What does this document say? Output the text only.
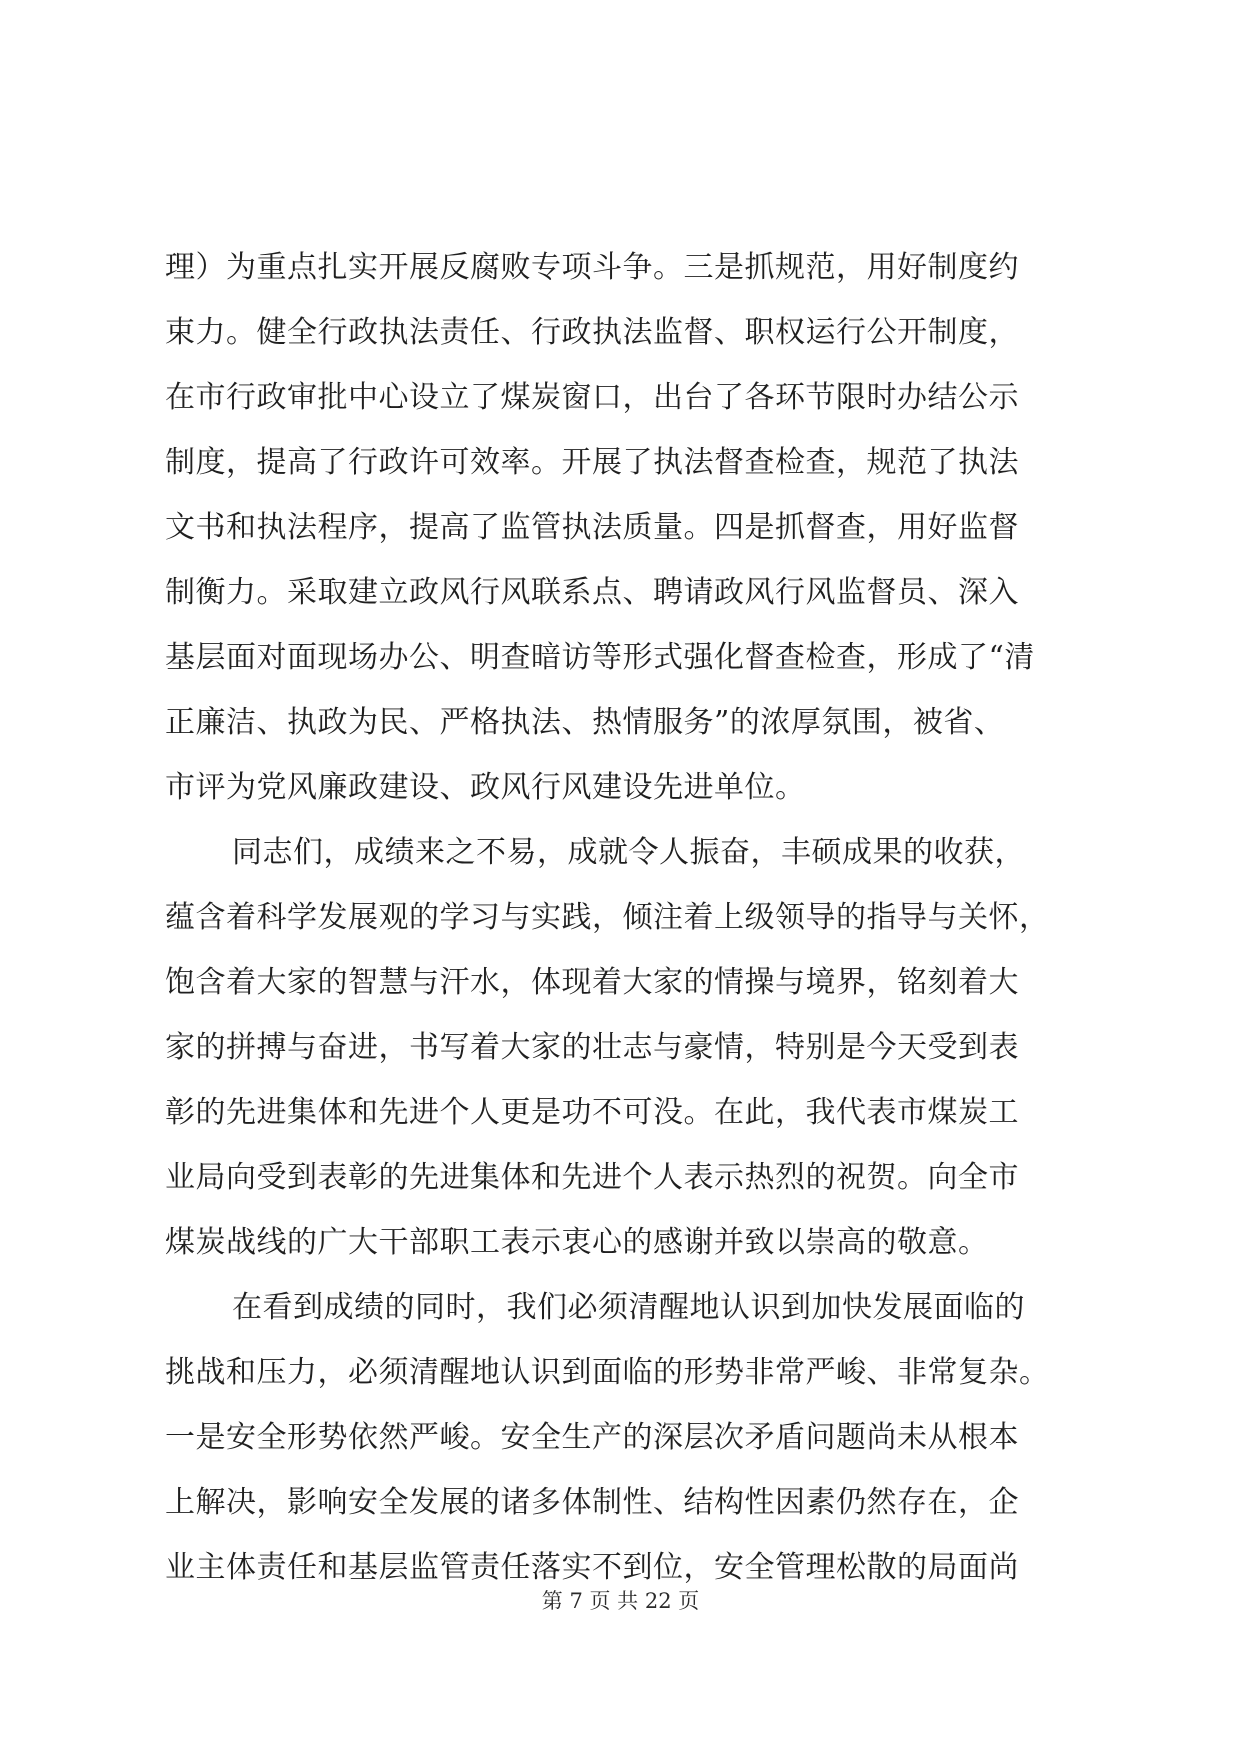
理）为重点扎实开展反腐败专项斗争。三是抓规范，用好制度约
束力。健全行政执法责任、行政执法监督、职权运行公开制度，
在市行政审批中心设立了煤炭窗口，出台了各环节限时办结公示
制度，提高了行政许可效率。开展了执法督查检查，规范了执法
文书和执法程序，提高了监管执法质量。四是抓督查，用好监督
制衡力。采取建立政风行风联系点、聘请政风行风监督员、深入
基层面对面现场办公、明查暗访等形式强化督查检查，形成了“清
正廉洁、执政为民、严格执法、热情服务”的浓厚氛围，被省、
市评为党风廉政建设、政风行风建设先进单位。
同志们，成绩来之不易，成就令人振奋，丰硕成果的收获，
蕴含着科学发展观的学习与实践，倾注着上级领导的指导与关怀，
饱含着大家的智慧与汗水，体现着大家的情操与境界，铭刻着大
家的拼搏与奋进，书写着大家的壮志与豪情，特别是今天受到表
彰的先进集体和先进个人更是功不可没。在此，我代表市煤炭工
业局向受到表彰的先进集体和先进个人表示热烈的祝贺。向全市
煤炭战线的广大干部职工表示衷心的感谢并致以崇高的敬意。
在看到成绩的同时，我们必须清醒地认识到加快发展面临的
挑战和压力，必须清醒地认识到面临的形势非常严峻、非常复杂。
一是安全形势依然严峻。安全生产的深层次矛盾问题尚未从根本
上解决，影响安全发展的诸多体制性、结构性因素仍然存在，企
业主体责任和基层监管责任落实不到位，安全管理松散的局面尚
第 7 页 共 22 页
